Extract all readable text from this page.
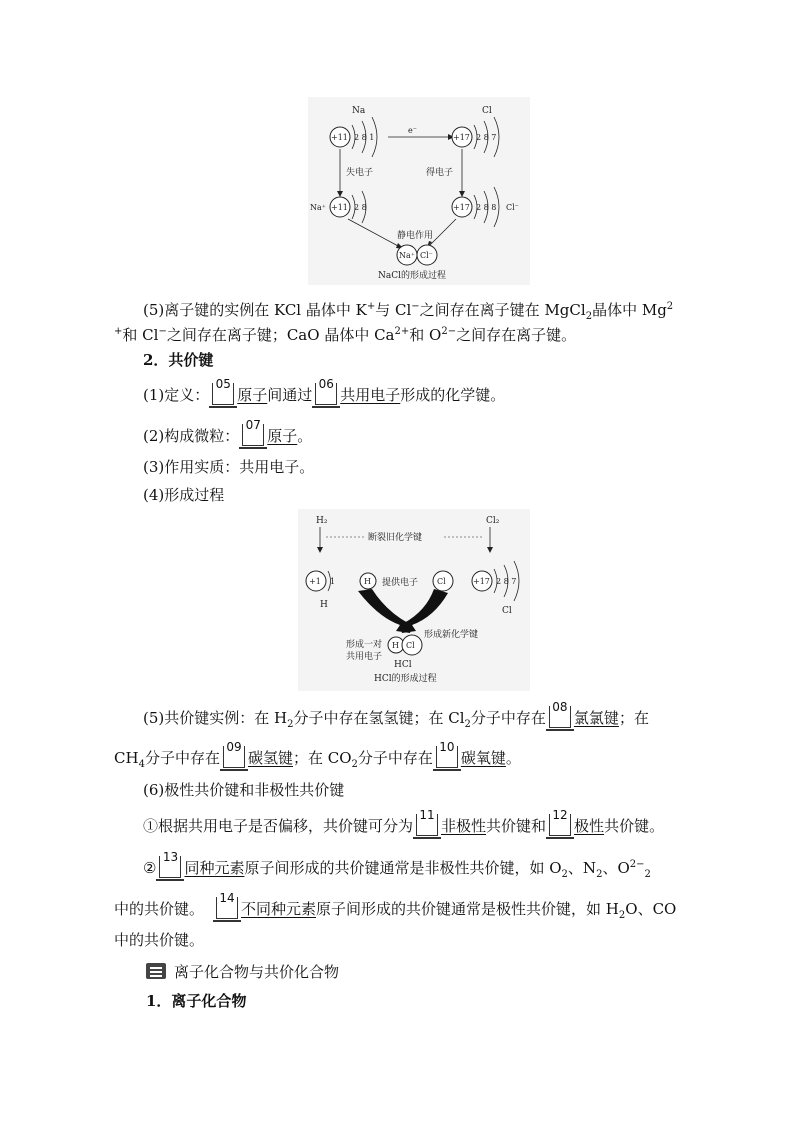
Na	Cl
+11 2 8 1
e⁻
+17 2 8 7
失电子	得电子
Na⁺ +11 2 8	+17 2 8 8 Cl⁻
静电作用
Na⁺ Cl⁻
NaCl的形成过程
(5)离子键的实例在 KCl 晶体中 K+与 Cl−之间存在离子键在 MgCl$_2$晶体中 Mg$^2$
+和 Cl−之间存在离子键；CaO 晶体中 $Ca^{2+}$和 $O^{2-}$之间存在离子键。
2．共价键
(1)定义：
05
原子间通过
06
共用电子形成的化学键。
(2)构成微粒：
07
原子。
(3)作用实质：共用电子。
(4)形成过程
H₂	Cl₂
断裂旧化学键
+1 1
H
H 提供电子 Cl	+17 2 8 7
Cl
形成一对
共用电子
H Cl
形成新化学键
HCl
HCl的形成过程
(5)共价键实例：在 $H_2$分子中存在氢氢键；在 $Cl_2$分子中存在
08
氯氯键；在
$CH_4$分子中存在
09
碳氢键；在 $CO_2$分子中存在
10
碳氧键。
(6)极性共价键和非极性共价键
①根据共用电子是否偏移，共价键可分为
11
非极性共价键和
12
极性共价键。
②
13
同种元素原子间形成的共价键通常是非极性共价键，如 $O_2$、$N_2$、$O^{2-}_2$
中的共价键。
14
不同种元素原子间形成的共价键通常是极性共价键，如 $H_2O$、CO
中的共价键。
离子化合物与共价化合物
1．离子化合物
